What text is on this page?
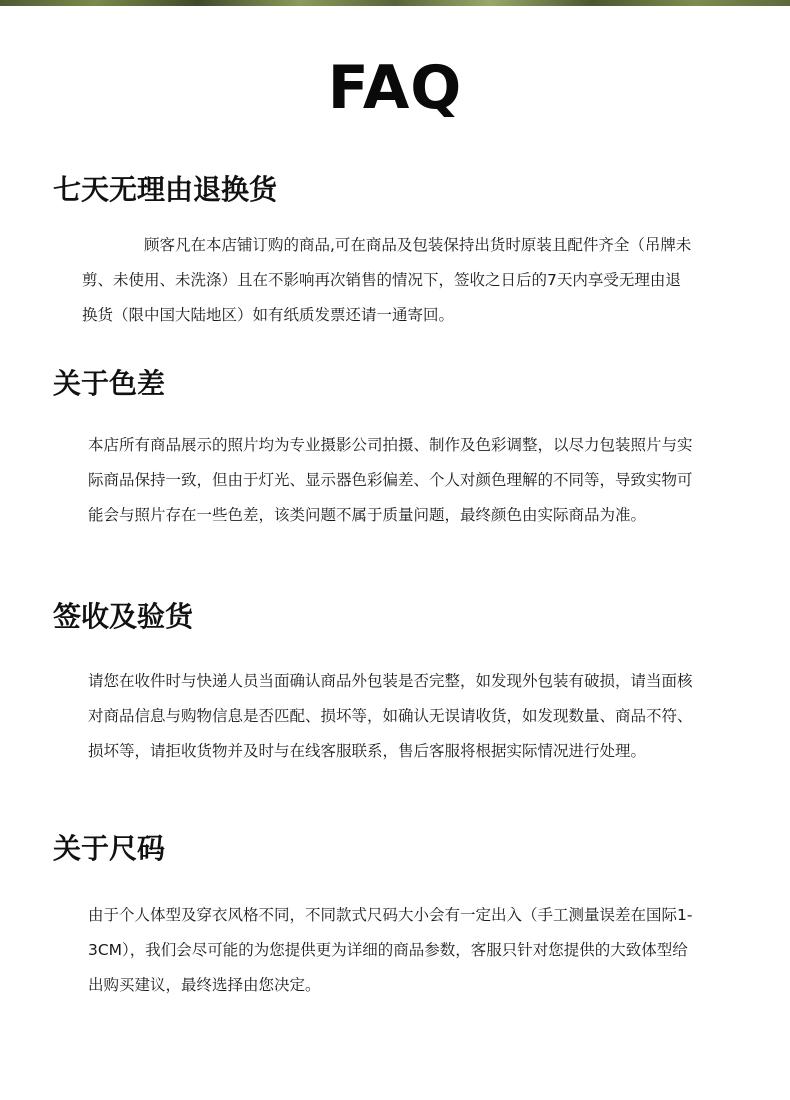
FAQ
七天无理由退换货

顾客凡在本店铺订购的商品,可在商品及包装保持出货时原装且配件齐全（吊牌未剪、未使用、未洗涤）且在不影响再次销售的情况下，签收之日后的7天内享受无理由退换货（限中国大陆地区）如有纸质发票还请一通寄回。

关于色差

本店所有商品展示的照片均为专业摄影公司拍摄、制作及色彩调整，以尽力包装照片与实际商品保持一致，但由于灯光、显示器色彩偏差、个人对颜色理解的不同等，导致实物可能会与照片存在一些色差，该类问题不属于质量问题，最终颜色由实际商品为准。

签收及验货

请您在收件时与快递人员当面确认商品外包装是否完整，如发现外包装有破损，请当面核对商品信息与购物信息是否匹配、损坏等，如确认无误请收货，如发现数量、商品不符、损坏等，请拒收货物并及时与在线客服联系，售后客服将根据实际情况进行处理。

关于尺码

由于个人体型及穿衣风格不同，不同款式尺码大小会有一定出入（手工测量误差在国际1-3CM），我们会尽可能的为您提供更为详细的商品参数，客服只针对您提供的大致体型给出购买建议，最终选择由您决定。
